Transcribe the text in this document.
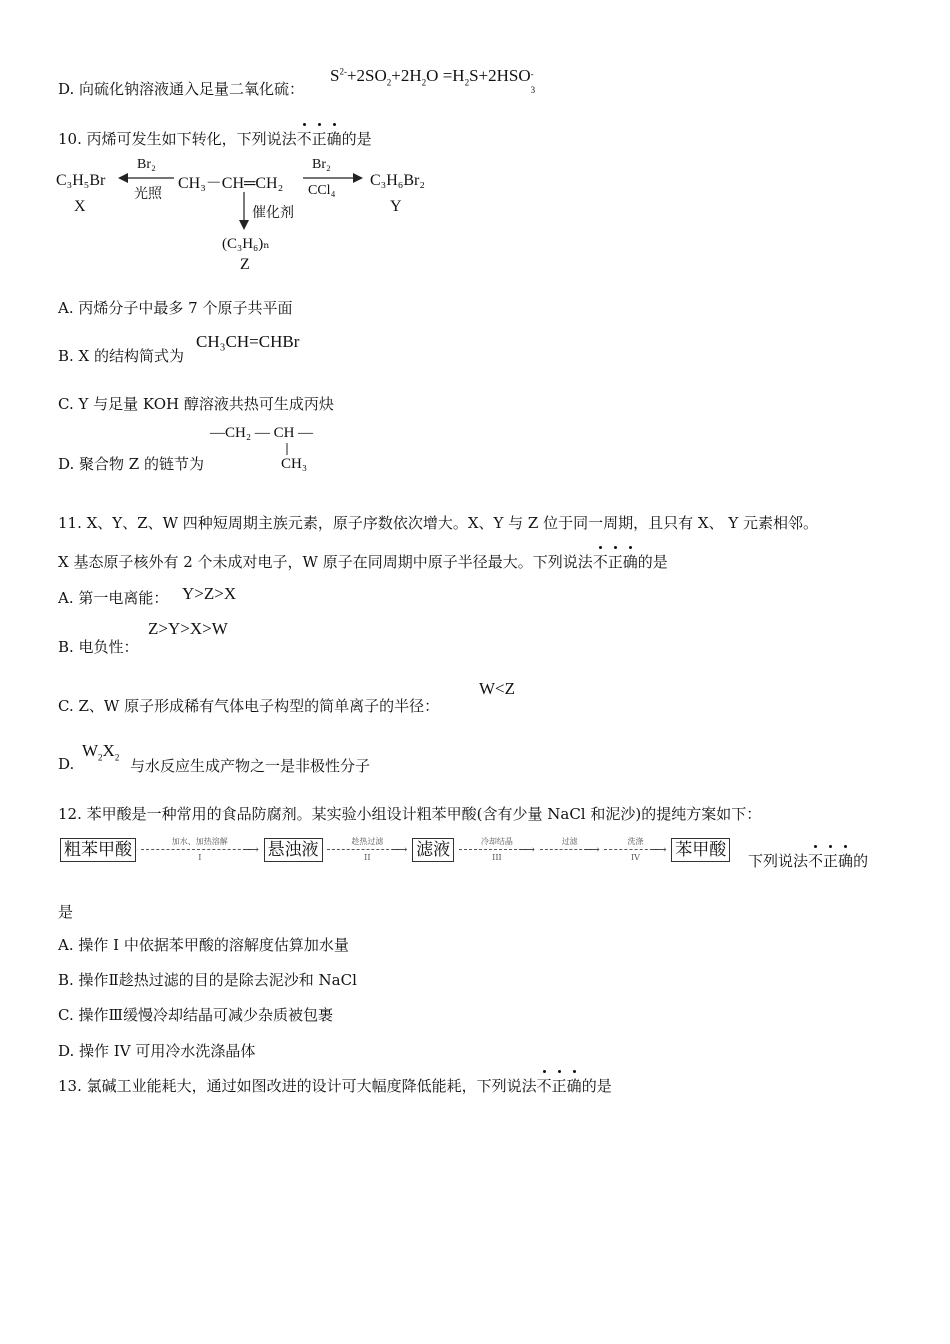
D. 向硫化钠溶液通入足量二氧化硫：
$S^{2-}+2SO_2+2H_2O =H_2S+2HSO$ -
3
10. 丙烯可发生如下转化，下列说法不正确的是
C₃H₅Br
X
Br₂
光照
CH₃－CH═CH₂
Br₂
CCl₄
C₃H₆Br₂
Y
催化剂
(C₃H₆)ₙ
Z
A. 丙烯分子中最多 7 个原子共平面
B. X 的结构简式为
CH₃CH=CHBr
C. Y 与足量 KOH 醇溶液共热可生成丙炔
D. 聚合物 Z 的链节为
—CH₂ — CH —
CH₃
11. X、Y、Z、W 四种短周期主族元素，原子序数依次增大。X、Y 与 Z 位于同一周期，且只有 X、 Y 元素相邻。
X 基态原子核外有 2 个未成对电子，W 原子在同周期中原子半径最大。下列说法不正确的是
A. 第一电离能： Y>Z>X
B. 电负性：
Z>Y>X>W
C. Z、W 原子形成稀有气体电子构型的简单离子的半径：
W<Z
D.
$W_2X_2$ 与水反应生成产物之一是非极性分子
12. 苯甲酸是一种常用的食品防腐剂。某实验小组设计粗苯甲酸(含有少量 NaCl 和泥沙)的提纯方案如下：
粗苯甲酸	加水、加热溶解
⟶
I	悬浊液	趁热过滤
⟶
II	滤液	冷却结晶
⟶
III

过滤
⟶

洗涤
⟶
IV	苯甲酸
下列说法不正确的
是
A. 操作 I 中依据苯甲酸的溶解度估算加水量
B. 操作Ⅱ趁热过滤的目的是除去泥沙和 NaCl
C. 操作Ⅲ缓慢冷却结晶可减少杂质被包裹
D. 操作 IV 可用冷水洗涤晶体
13. 氯碱工业能耗大，通过如图改进的设计可大幅度降低能耗，下列说法不正确的是
